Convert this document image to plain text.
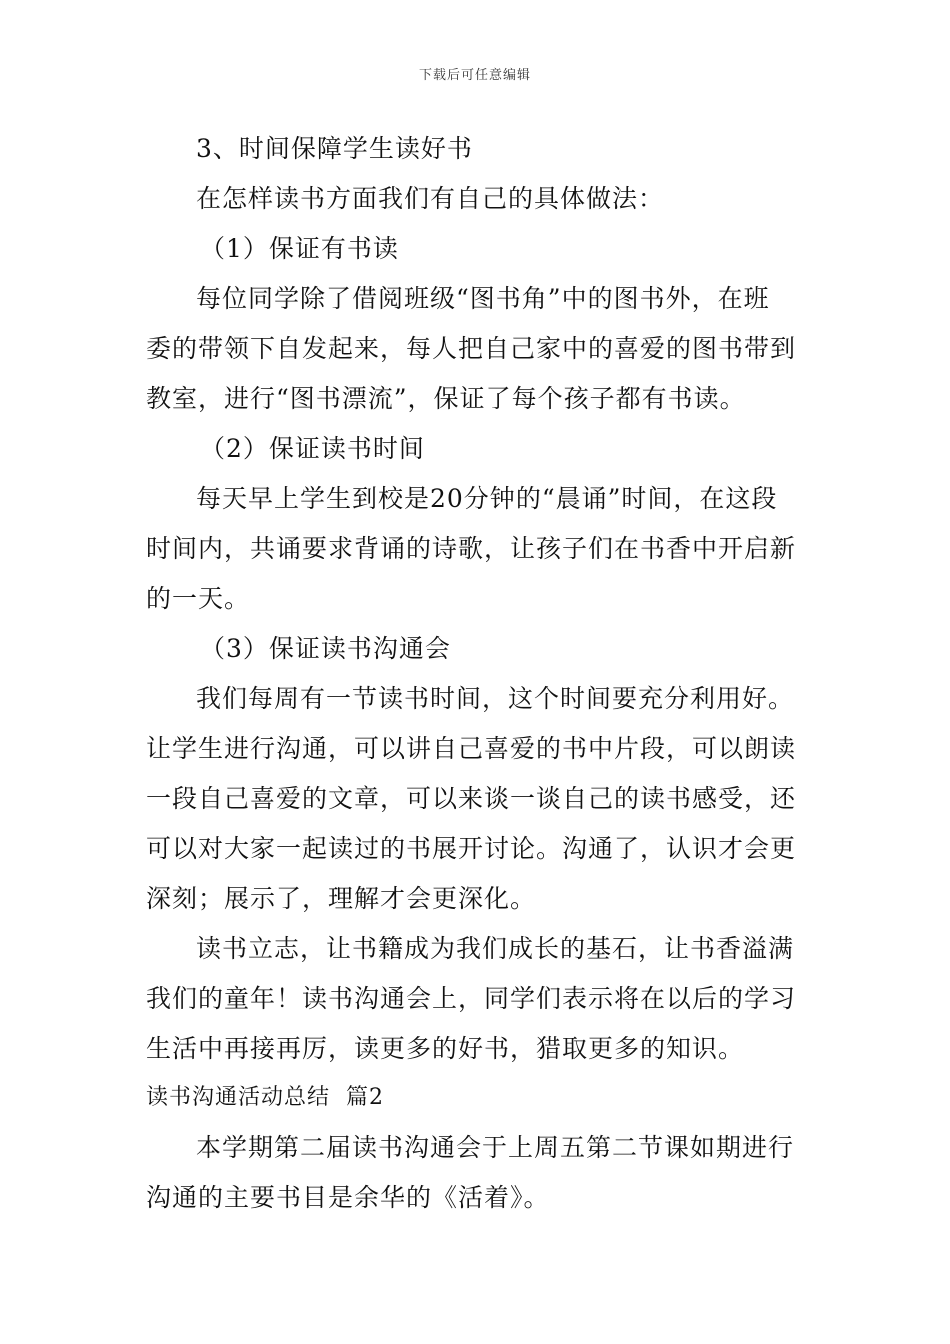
下载后可任意编辑
3、时间保障学生读好书
在怎样读书方面我们有自己的具体做法：
（1）保证有书读
每位同学除了借阅班级“图书角”中的图书外，在班
委的带领下自发起来，每人把自己家中的喜爱的图书带到
教室，进行“图书漂流”，保证了每个孩子都有书读。
（2）保证读书时间
每天早上学生到校是20分钟的“晨诵”时间，在这段
时间内，共诵要求背诵的诗歌，让孩子们在书香中开启新
的一天。
（3）保证读书沟通会
我们每周有一节读书时间，这个时间要充分利用好。
让学生进行沟通，可以讲自己喜爱的书中片段，可以朗读
一段自己喜爱的文章，可以来谈一谈自己的读书感受，还
可以对大家一起读过的书展开讨论。沟通了，认识才会更
深刻；展示了，理解才会更深化。
读书立志，让书籍成为我们成长的基石，让书香溢满
我们的童年！读书沟通会上，同学们表示将在以后的学习
生活中再接再厉，读更多的好书，猎取更多的知识。
读书沟通活动总结  篇2
本学期第二届读书沟通会于上周五第二节课如期进行
沟通的主要书目是余华的《活着》。
